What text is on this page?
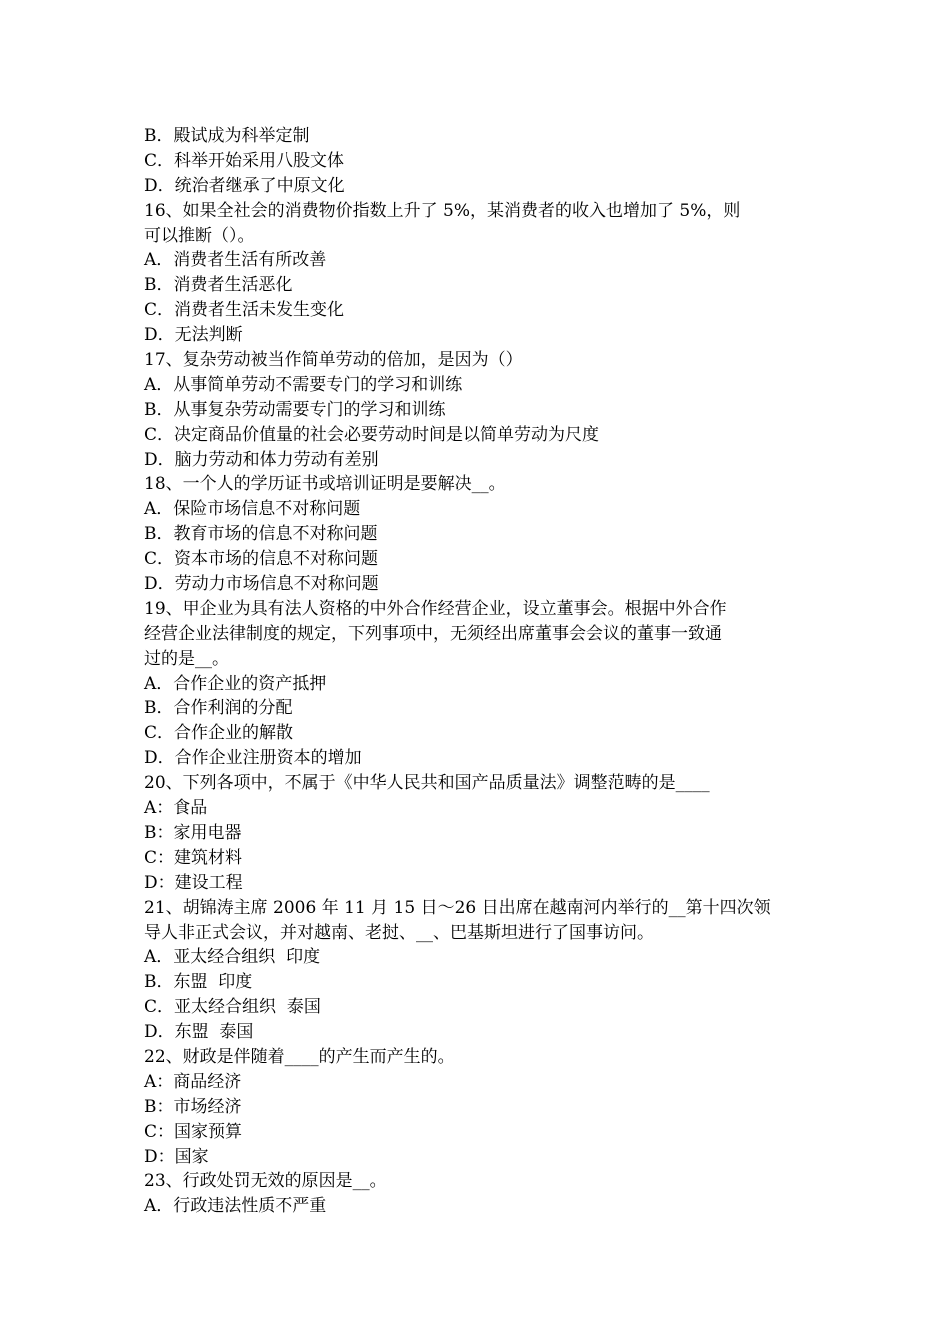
B．殿试成为科举定制
C．科举开始采用八股文体
D．统治者继承了中原文化
16、如果全社会的消费物价指数上升了 5%，某消费者的收入也增加了 5%，则
可以推断（）。
A．消费者生活有所改善
B．消费者生活恶化
C．消费者生活未发生变化
D．无法判断
17、复杂劳动被当作简单劳动的倍加，是因为（）
A．从事简单劳动不需要专门的学习和训练
B．从事复杂劳动需要专门的学习和训练
C．决定商品价值量的社会必要劳动时间是以简单劳动为尺度
D．脑力劳动和体力劳动有差别
18、一个人的学历证书或培训证明是要解决__。
A．保险市场信息不对称问题
B．教育市场的信息不对称问题
C．资本市场的信息不对称问题
D．劳动力市场信息不对称问题
19、甲企业为具有法人资格的中外合作经营企业，设立董事会。根据中外合作
经营企业法律制度的规定，下列事项中，无须经出席董事会会议的董事一致通
过的是__。
A．合作企业的资产抵押
B．合作利润的分配
C．合作企业的解散
D．合作企业注册资本的增加
20、下列各项中，不属于《中华人民共和国产品质量法》调整范畴的是____
A：食品
B：家用电器
C：建筑材料
D：建设工程
21、胡锦涛主席 2006 年 11 月 15 日～26 日出席在越南河内举行的__第十四次领
导人非正式会议，并对越南、老挝、__、巴基斯坦进行了国事访问。
A．亚太经合组织  印度
B．东盟  印度
C．亚太经合组织  泰国
D．东盟  泰国
22、财政是伴随着____的产生而产生的。
A：商品经济
B：市场经济
C：国家预算
D：国家
23、行政处罚无效的原因是__。
A．行政违法性质不严重
